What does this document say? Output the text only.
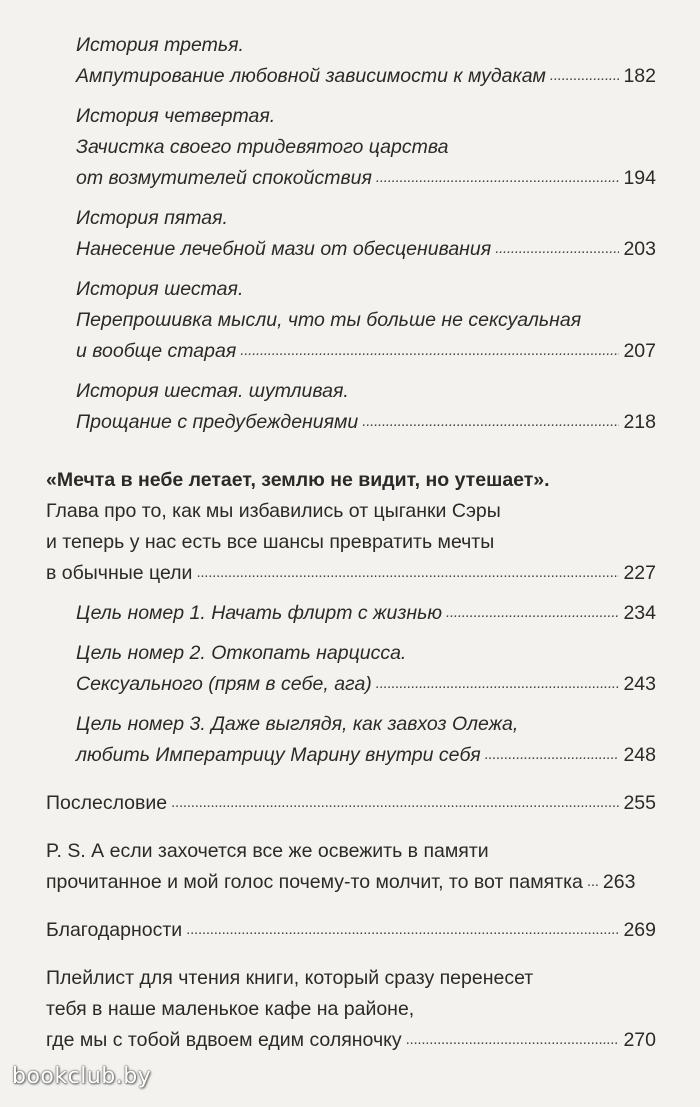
История третья.
Ампутирование любовной зависимости к мудакам . . .	182
История четвертая.
Зачистка своего тридевятого царства
от возмутителей спокойствия . . .	194
История пятая.
Нанесение лечебной мази от обесценивания . . .	203
История шестая.
Перепрошивка мысли, что ты больше не сексуальная
и вообще старая . . .	207
История шестая. шутливая.
Прощание с предубеждениями . . .	218
«Мечта в небе летает, землю не видит, но утешает».
Глава про то, как мы избавились от цыганки Сэры
и теперь у нас есть все шансы превратить мечты
в обычные цели . . .	227
Цель номер 1. Начать флирт с жизнью . . .	234
Цель номер 2. Откопать нарцисса.
Сексуального (прям в себе, ага) . . .	243
Цель номер 3. Даже выглядя, как завхоз Олежа,
любить Императрицу Марину внутри себя . . .	248
Послесловие . . .	255
P. S. А если захочется все же освежить в памяти
прочитанное и мой голос почему-то молчит, то вот памятка . . . 263
Благодарности . . .	269
Плейлист для чтения книги, который сразу перенесет
тебя в наше маленькое кафе на районе,
где мы с тобой вдвоем едим соляночку . . .	270
bookclub.by
